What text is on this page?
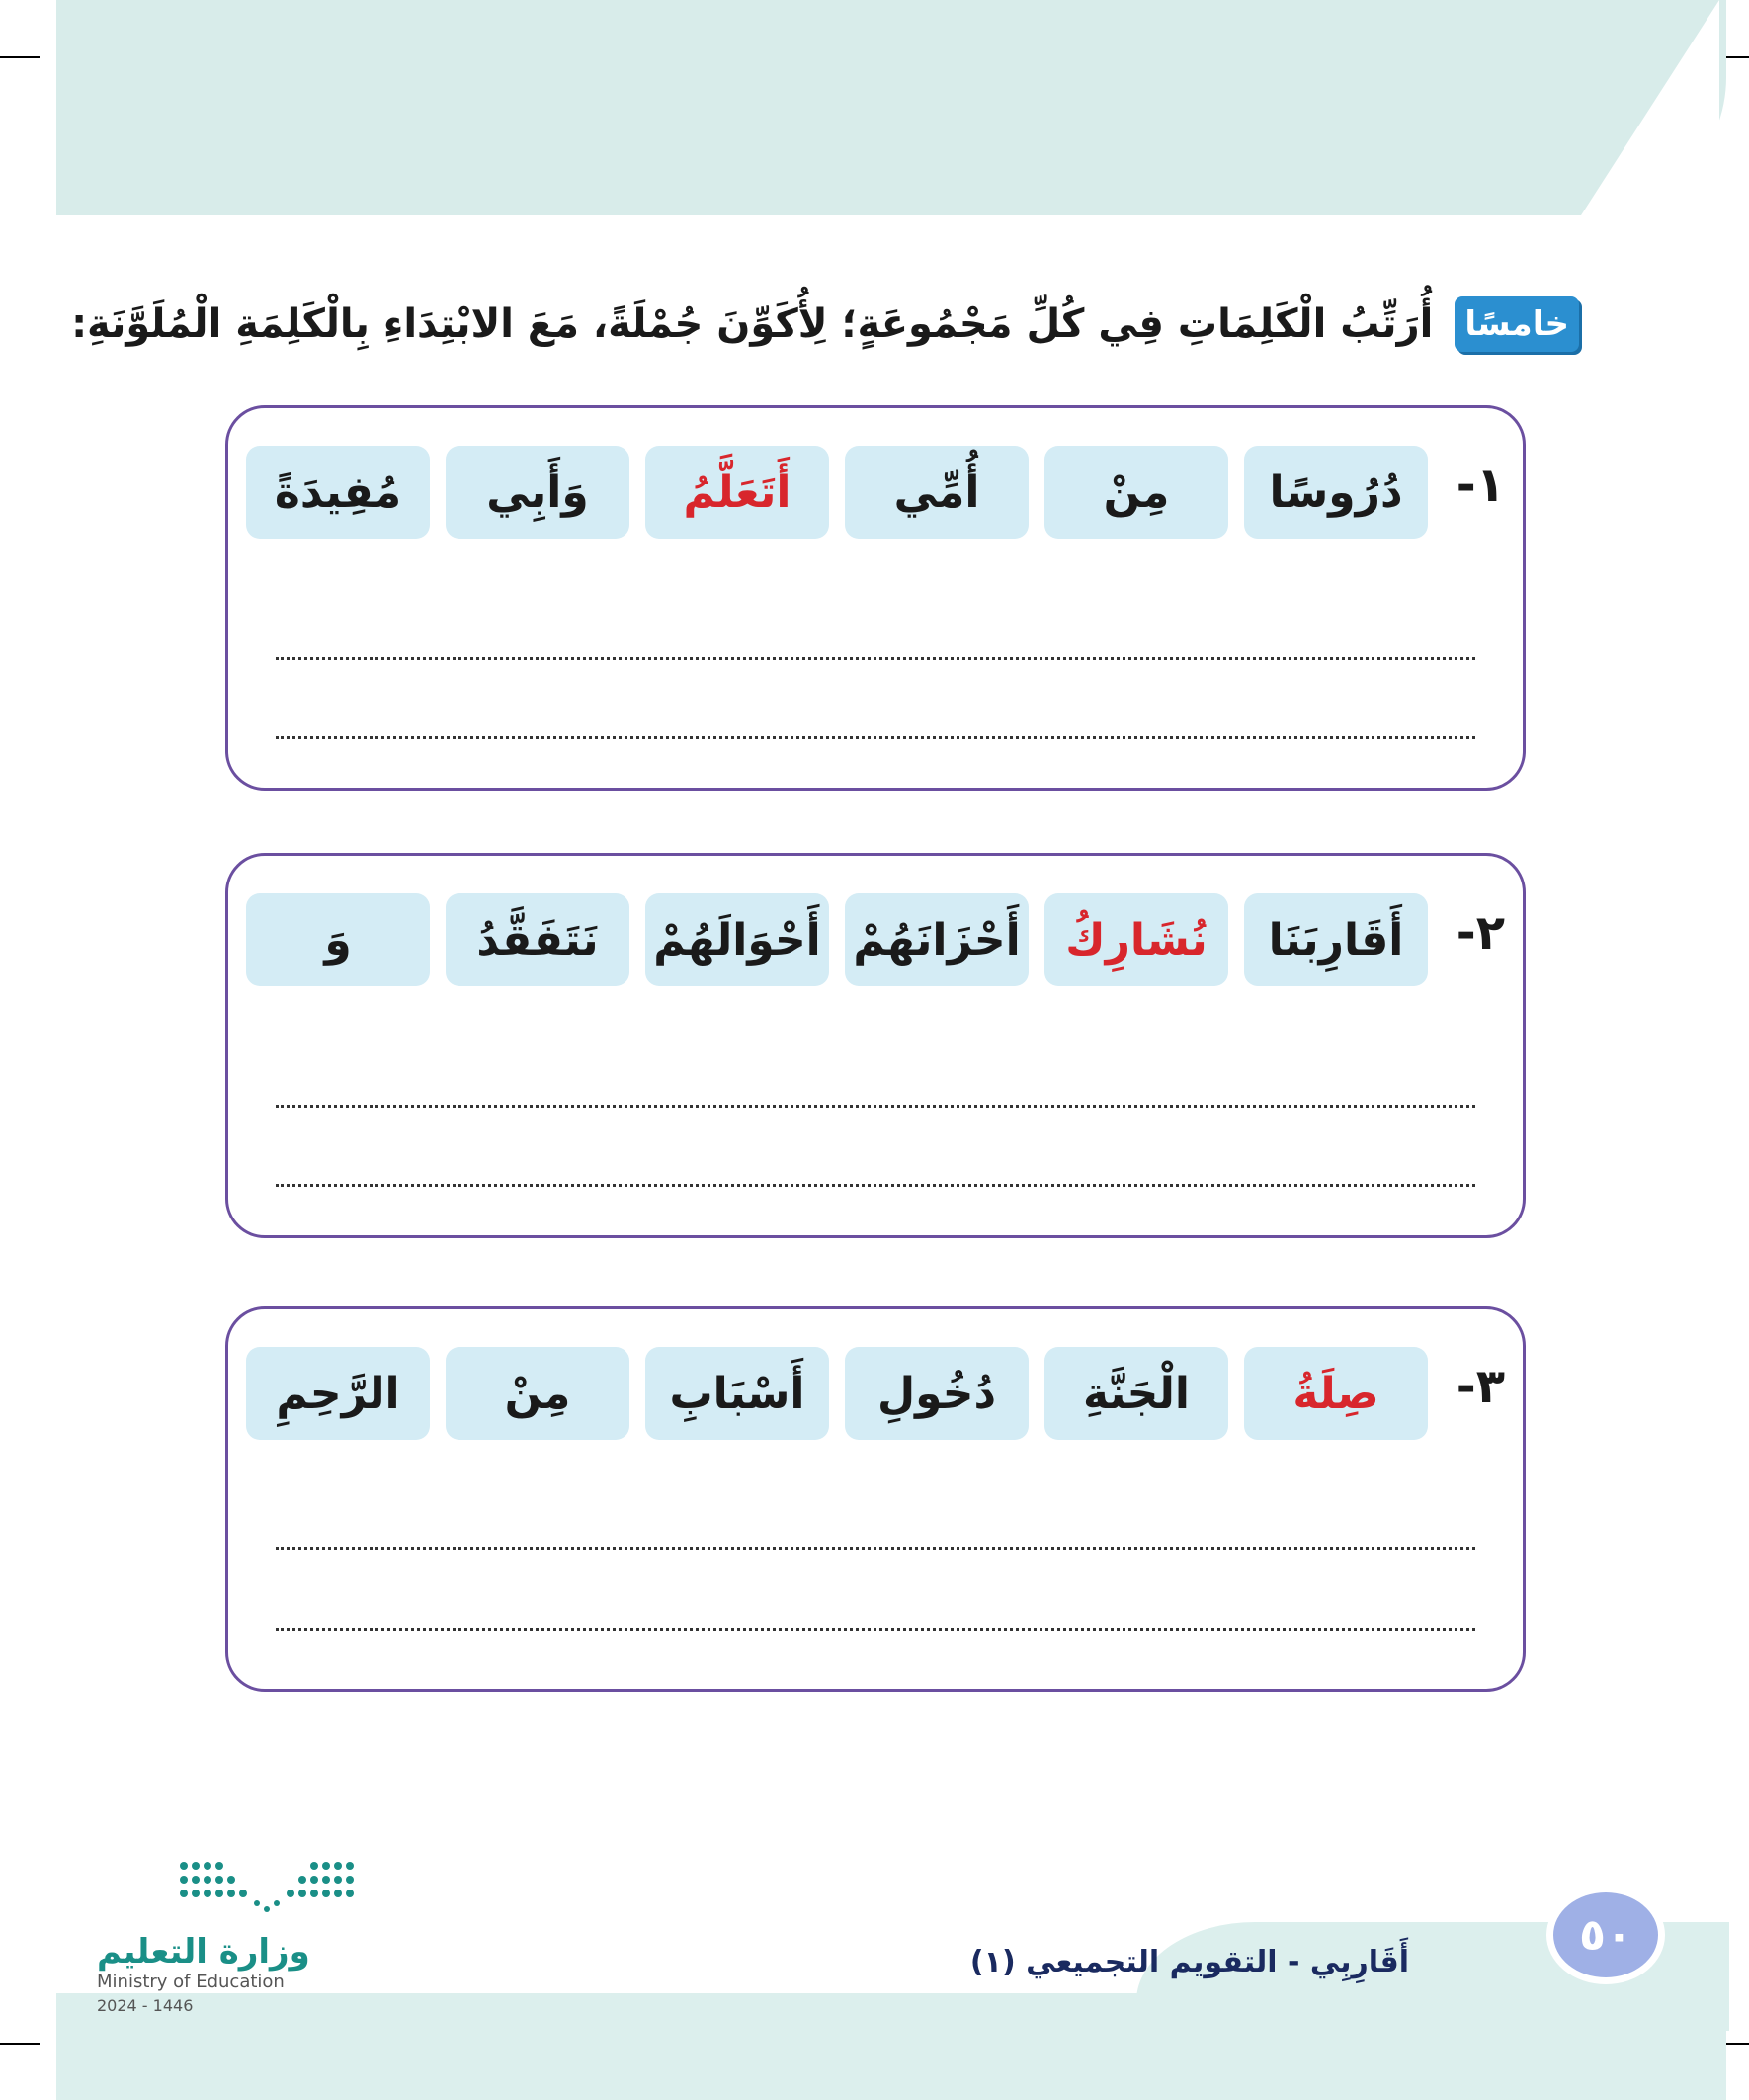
خامسًا
أُرَتِّبُ الْكَلِمَاتِ فِي كُلِّ مَجْمُوعَةٍ؛ لِأُكَوِّنَ جُمْلَةً، مَعَ الابْتِدَاءِ بِالْكَلِمَةِ الْمُلَوَّنَةِ:
١-
دُرُوسًا
مِنْ
أُمِّي
أَتَعَلَّمُ
وَأَبِي
مُفِيدَةً
٢-
أَقَارِبَنَا
نُشَارِكُ
أَحْزَانَهُمْ
أَحْوَالَهُمْ
نَتَفَقَّدُ
وَ
٣-
صِلَةُ
الْجَنَّةِ
دُخُولِ
أَسْبَابِ
مِنْ
الرَّحِمِ
وزارة التعليم
Ministry of Education
2024 - 1446
أَقَارِبِي - التقويم التجميعي (١)
٥٠
